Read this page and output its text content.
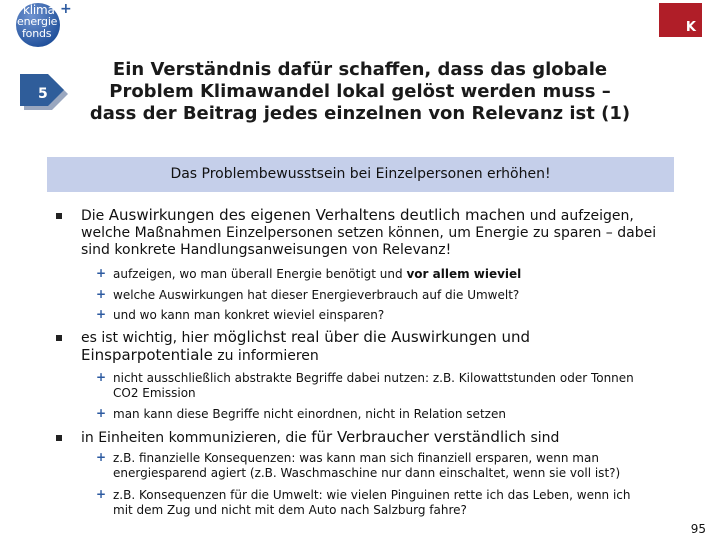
klima
energie
fonds
+
K
5
Ein Verständnis dafür schaffen, dass das globale
Problem Klimawandel lokal gelöst werden muss –
dass der Beitrag jedes einzelnen von Relevanz ist (1)
Das Problembewusstsein bei Einzelpersonen erhöhen!
Die Auswirkungen des eigenen Verhaltens deutlich machen und aufzeigen,
welche Maßnahmen Einzelpersonen setzen können, um Energie zu sparen – dabei
sind konkrete Handlungsanweisungen von Relevanz!
+ aufzeigen, wo man überall Energie benötigt und vor allem wieviel
+ welche Auswirkungen hat dieser Energieverbrauch auf die Umwelt?
+ und wo kann man konkret wieviel einsparen?
es ist wichtig, hier möglichst real über die Auswirkungen und
Einsparpotentiale zu informieren
+ nicht ausschließlich abstrakte Begriffe dabei nutzen: z.B. Kilowattstunden oder Tonnen
CO2 Emission
+ man kann diese Begriffe nicht einordnen, nicht in Relation setzen
in Einheiten kommunizieren, die für Verbraucher verständlich sind
+ z.B. finanzielle Konsequenzen: was kann man sich finanziell ersparen, wenn man
energiesparend agiert (z.B. Waschmaschine nur dann einschaltet, wenn sie voll ist?)
+ z.B. Konsequenzen für die Umwelt: wie vielen Pinguinen rette ich das Leben, wenn ich
mit dem Zug und nicht mit dem Auto nach Salzburg fahre?
95
